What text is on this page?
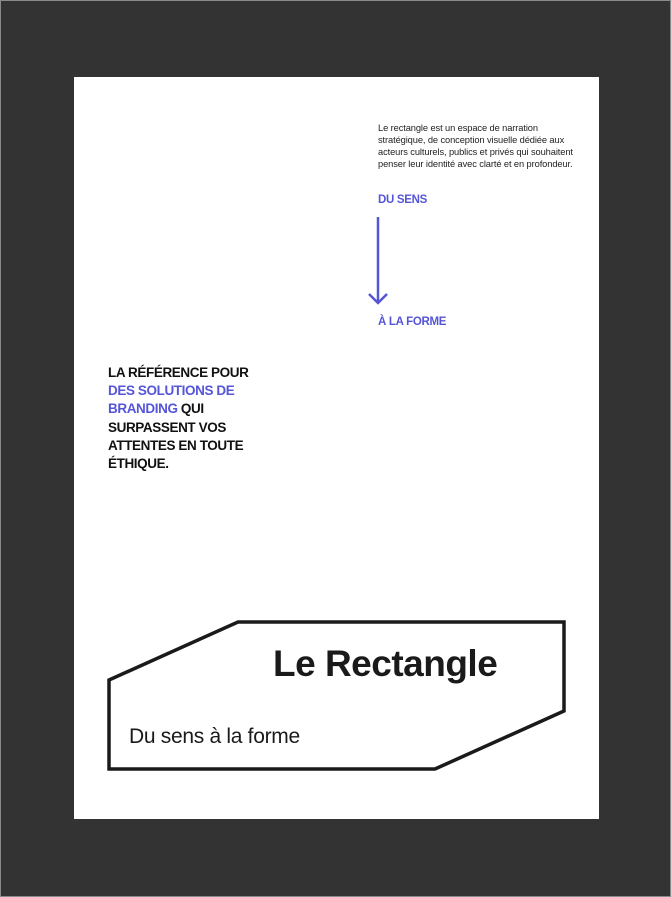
Le rectangle est un espace de narration stratégique, de conception visuelle dédiée aux acteurs culturels, publics et privés qui souhaitent penser leur identité avec clarté et en profondeur.
DU SENS
À LA FORME
LA RÉFÉRENCE POUR
DES SOLUTIONS DE BRANDING QUI SURPASSENT VOS ATTENTES EN TOUTE ÉTHIQUE.
Le Rectangle
Du sens à la forme
